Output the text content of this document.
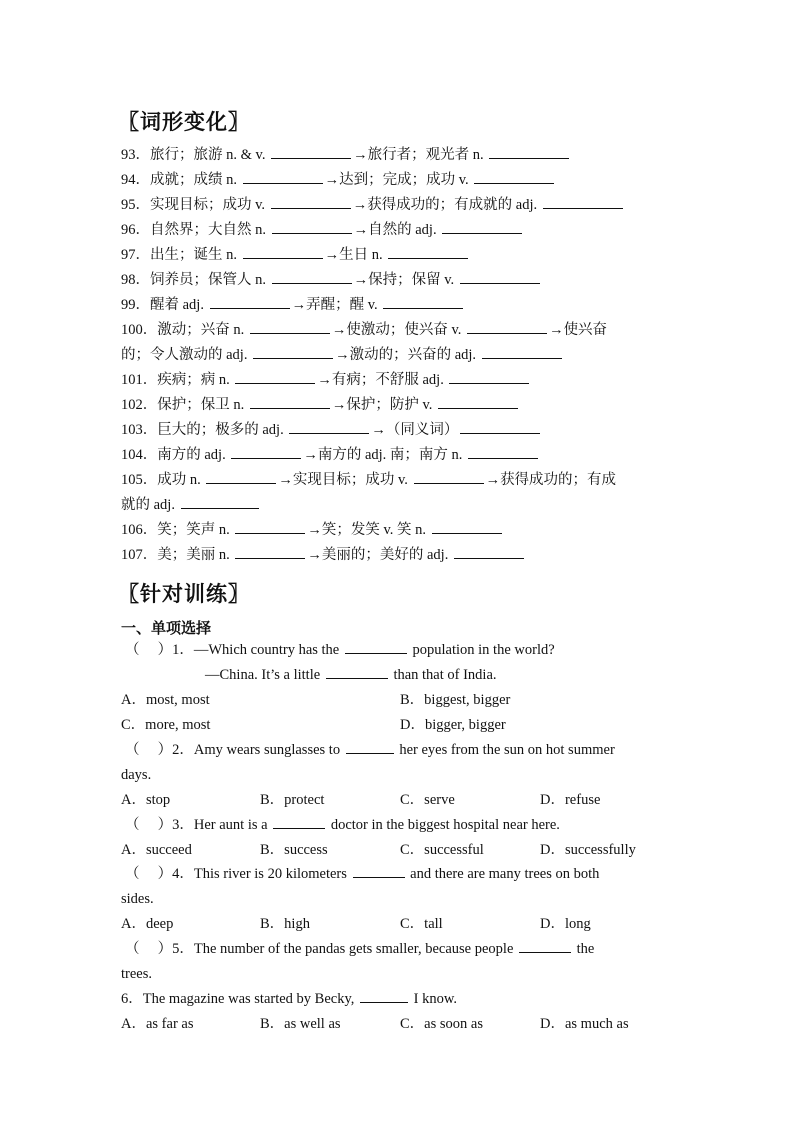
〖词形变化〗
93．旅行；旅游 n. & v.	→旅行者；观光者 n.
94．成就；成绩 n.	→达到；完成；成功 v.
95．实现目标；成功 v.	→获得成功的；有成就的 adj.
96．自然界；大自然 n.	→自然的 adj.
97．出生；诞生 n.	→生日 n.
98．饲养员；保管人 n.	→保持；保留 v.
99．醒着 adj.	→弄醒；醒 v.
100．激动；兴奋 n.	→使激动；使兴奋 v.	→使兴奋
的；令人激动的 adj.	→激动的；兴奋的 adj.
101．疾病；病 n.	→有病；不舒服 adj.
102．保护；保卫 n.	→保护；防护 v.
103．巨大的；极多的 adj.	→（同义词）
104．南方的 adj.	→南方的 adj. 南；南方 n.
105．成功 n.	→实现目标；成功 v.	→获得成功的；有成
就的 adj.
106．笑；笑声 n.	→笑；发笑 v. 笑 n.
107．美；美丽 n.	→美丽的；美好的 adj.
〖针对训练〗
一、单项选择
（　 ）1．—Which country has the	population in the world?
—China. It’s a little	than that of India.
A．most, most	B．biggest, bigger
C．more, most	D．bigger, bigger
（　 ）2．Amy wears sunglasses to	her eyes from the sun on hot summer
days.
A．stop	B．protect	C．serve	D．refuse
（　 ）3．Her aunt is a	doctor in the biggest hospital near here.
A．succeed	B．success	C．successful	D．successfully
（　 ）4．This river is 20 kilometers	and there are many trees on both
sides.
A．deep	B．high	C．tall	D．long
（　 ）5．The number of the pandas gets smaller, because people	the
trees.
6．The magazine was started by Becky,	I know.
A．as far as	B．as well as	C．as soon as	D．as much as
